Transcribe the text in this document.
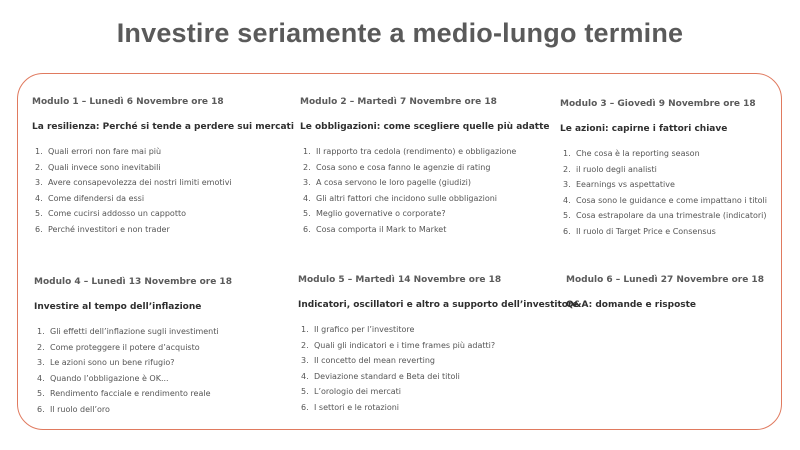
Investire seriamente a medio-lungo termine
Modulo 1 – Lunedì 6 Novembre ore 18
La resilienza: Perché si tende a perdere sui mercati
1. Quali errori non fare mai più
2. Quali invece sono inevitabili
3. Avere consapevolezza dei nostri limiti emotivi
4. Come difendersi da essi
5. Come cucirsi addosso un cappotto
6. Perché investitori e non trader
Modulo 2 – Martedì 7 Novembre ore 18
Le obbligazioni: come scegliere quelle più adatte
1. Il rapporto tra cedola (rendimento) e obbligazione
2. Cosa sono e cosa fanno le agenzie di rating
3. A cosa servono le loro pagelle (giudizi)
4. Gli altri fattori che incidono sulle obbligazioni
5. Meglio governative o corporate?
6. Cosa comporta il Mark to Market
Modulo 3 – Giovedì 9 Novembre ore 18
Le azioni: capirne i fattori chiave
1. Che cosa è la reporting season
2. il ruolo degli analisti
3. Eearnings vs aspettative
4. Cosa sono le guidance e come impattano i titoli
5. Cosa estrapolare da una trimestrale (indicatori)
6. Il ruolo di Target Price e Consensus
Modulo 4 – Lunedì 13 Novembre ore 18
Investire al tempo dell’inflazione
1. Gli effetti dell’inflazione sugli investimenti
2. Come proteggere il potere d’acquisto
3. Le azioni sono un bene rifugio?
4. Quando l’obbligazione è OK...
5. Rendimento facciale e rendimento reale
6. Il ruolo dell’oro
Modulo 5 – Martedì 14 Novembre ore 18
Indicatori, oscillatori e altro a supporto dell’investitore
1. Il grafico per l’investitore
2. Quali gli indicatori e i time frames più adatti?
3. Il concetto del mean reverting
4. Deviazione standard e Beta dei titoli
5. L’orologio dei mercati
6. I settori e le rotazioni
Modulo 6 – Lunedì 27 Novembre ore 18
Q&A: domande e risposte
